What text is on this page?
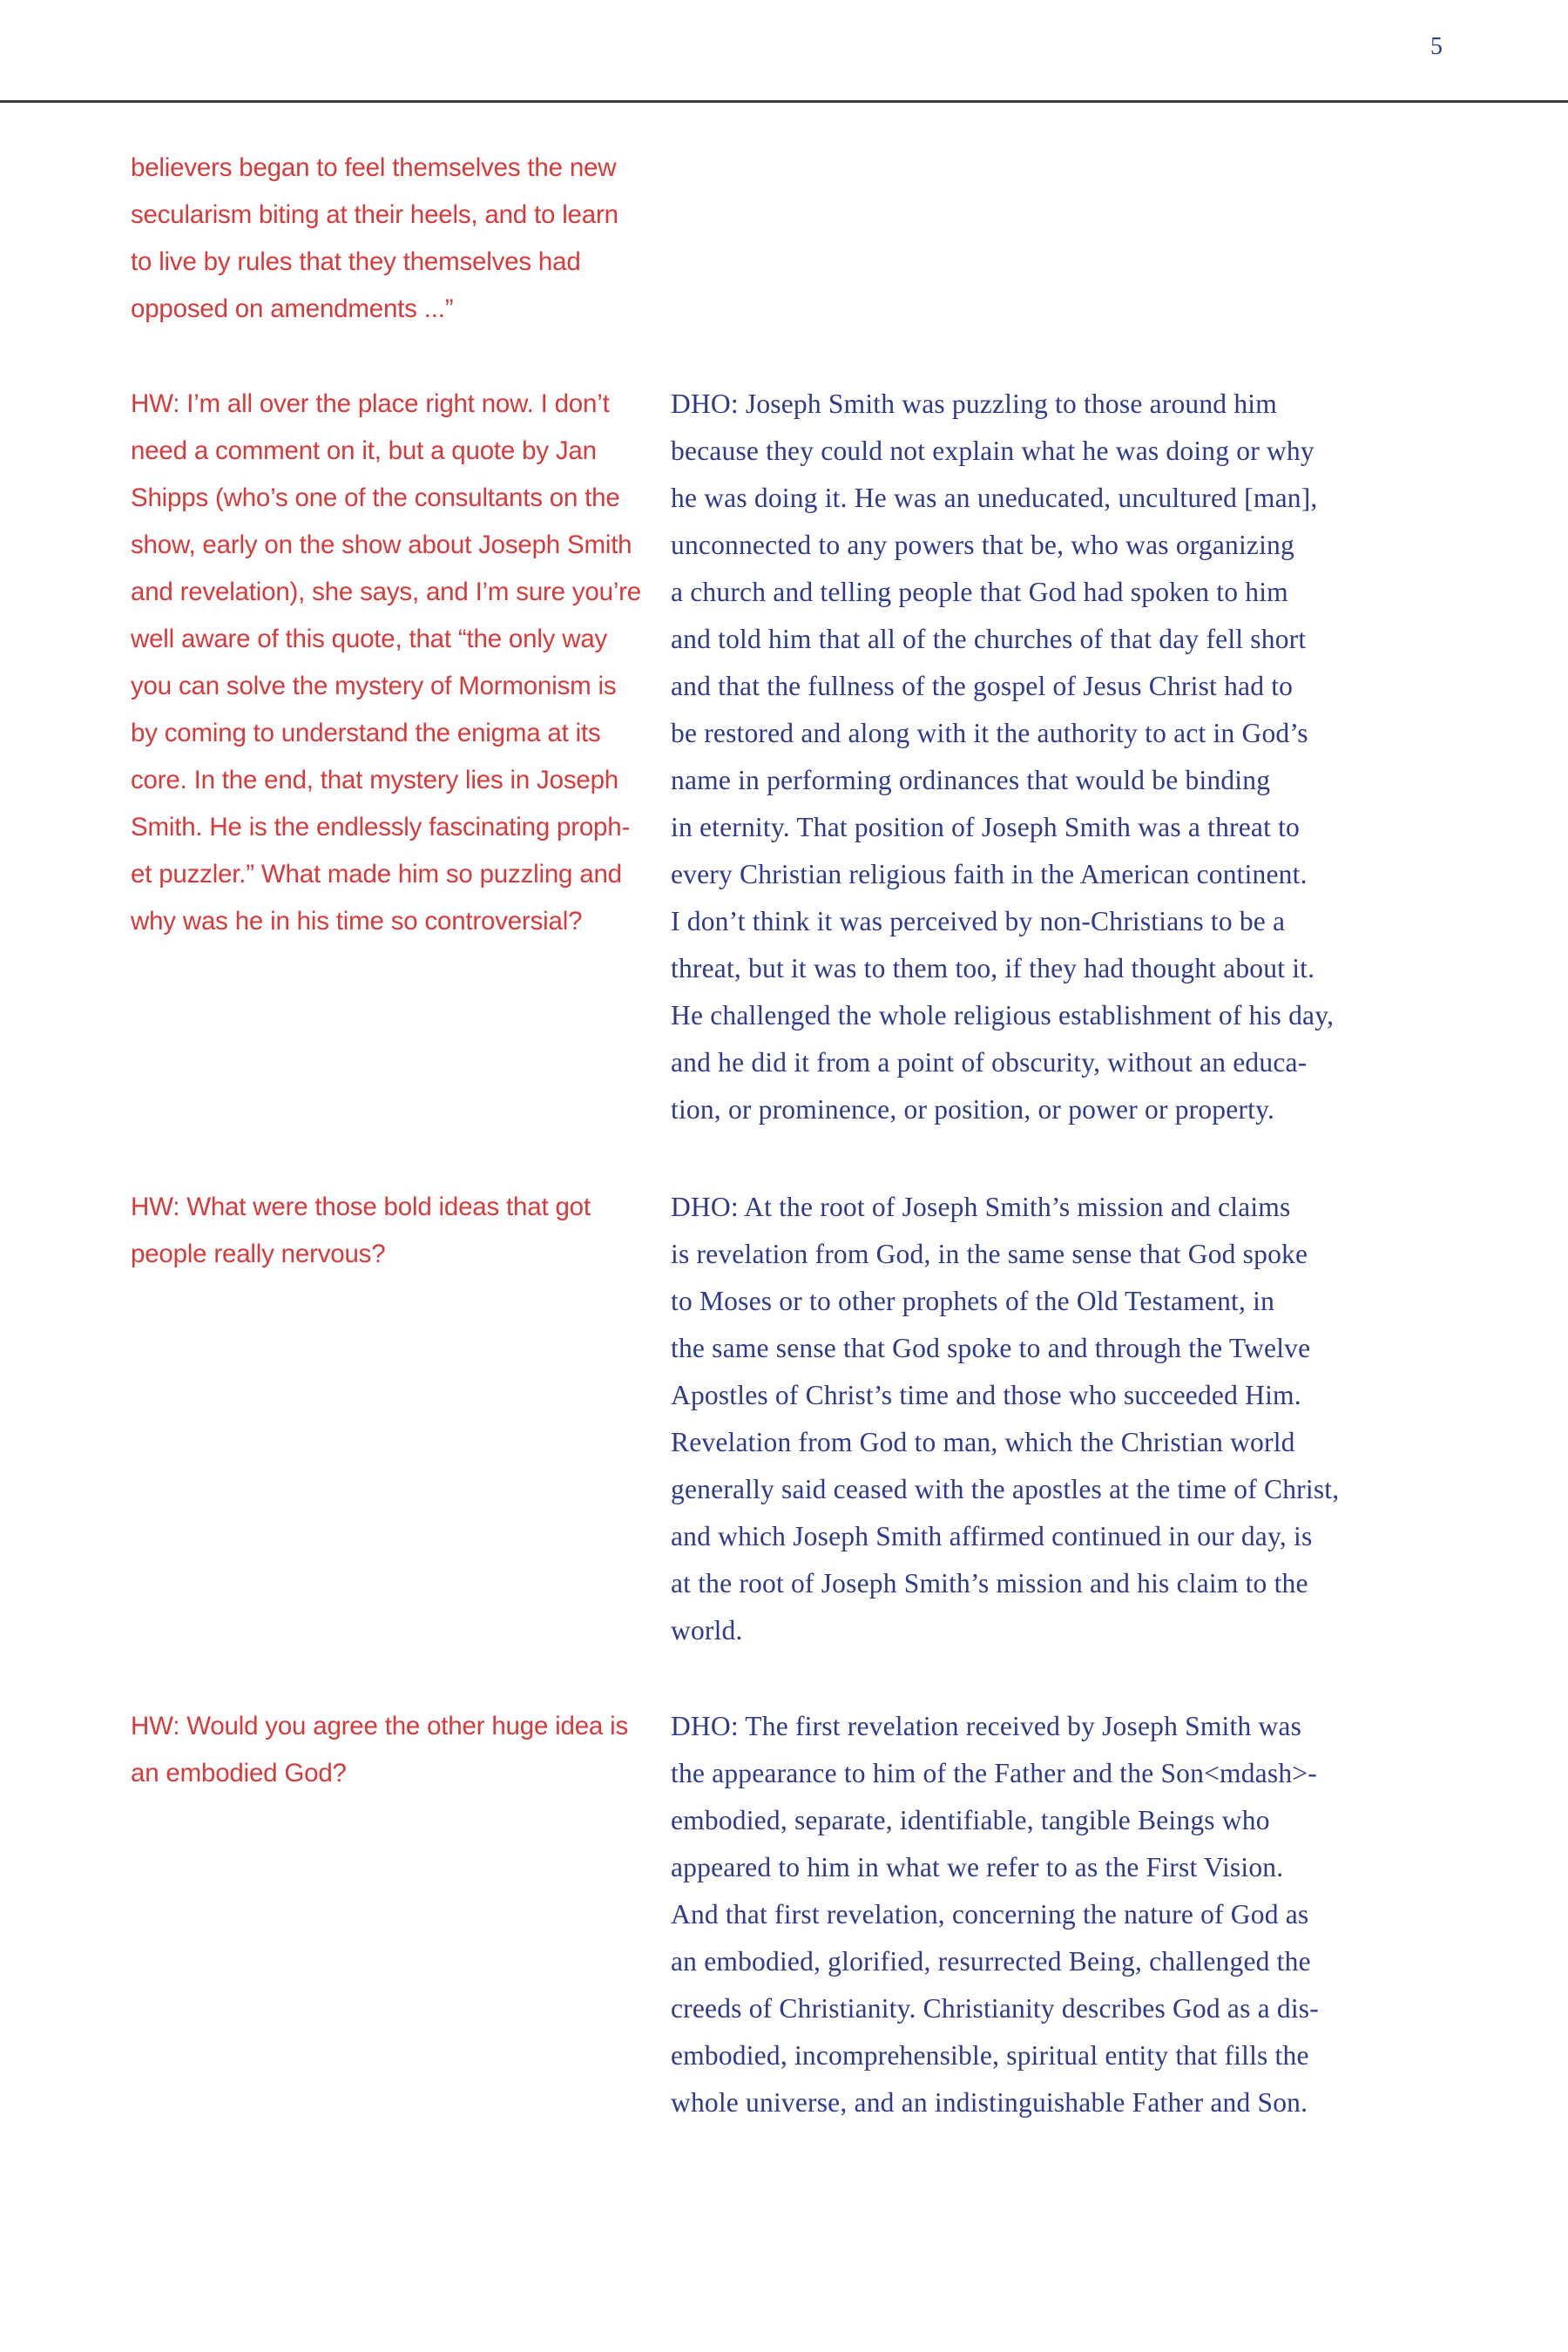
5
believers began to feel themselves the new
secularism biting at their heels, and to learn
to live by rules that they themselves had
opposed on amendments ...”
HW: I’m all over the place right now. I don’t
need a comment on it, but a quote by Jan
Shipps (who’s one of the consultants on the
show, early on the show about Joseph Smith
and revelation), she says, and I’m sure you’re
well aware of this quote, that “the only way
you can solve the mystery of Mormonism is
by coming to understand the enigma at its
core. In the end, that mystery lies in Joseph
Smith. He is the endlessly fascinating proph-
et puzzler.” What made him so puzzling and
why was he in his time so controversial?
DHO: Joseph Smith was puzzling to those around him
because they could not explain what he was doing or why
he was doing it. He was an uneducated, uncultured [man],
unconnected to any powers that be, who was organizing
a church and telling people that God had spoken to him
and told him that all of the churches of that day fell short
and that the fullness of the gospel of Jesus Christ had to
be restored and along with it the authority to act in God’s
name in performing ordinances that would be binding
in eternity. That position of Joseph Smith was a threat to
every Christian religious faith in the American continent.
I don’t think it was perceived by non-Christians to be a
threat, but it was to them too, if they had thought about it.
He challenged the whole religious establishment of his day,
and he did it from a point of obscurity, without an educa-
tion, or prominence, or position, or power or property.
HW: What were those bold ideas that got
people really nervous?
DHO: At the root of Joseph Smith’s mission and claims
is revelation from God, in the same sense that God spoke
to Moses or to other prophets of the Old Testament, in
the same sense that God spoke to and through the Twelve
Apostles of Christ’s time and those who succeeded Him.
Revelation from God to man, which the Christian world
generally said ceased with the apostles at the time of Christ,
and which Joseph Smith affirmed continued in our day, is
at the root of Joseph Smith’s mission and his claim to the
world.
HW: Would you agree the other huge idea is
an embodied God?
DHO: The first revelation received by Joseph Smith was
the appearance to him of the Father and the Son<mdash>-
embodied, separate, identifiable, tangible Beings who
appeared to him in what we refer to as the First Vision.
And that first revelation, concerning the nature of God as
an embodied, glorified, resurrected Being, challenged the
creeds of Christianity. Christianity describes God as a dis-
embodied, incomprehensible, spiritual entity that fills the
whole universe, and an indistinguishable Father and Son.
